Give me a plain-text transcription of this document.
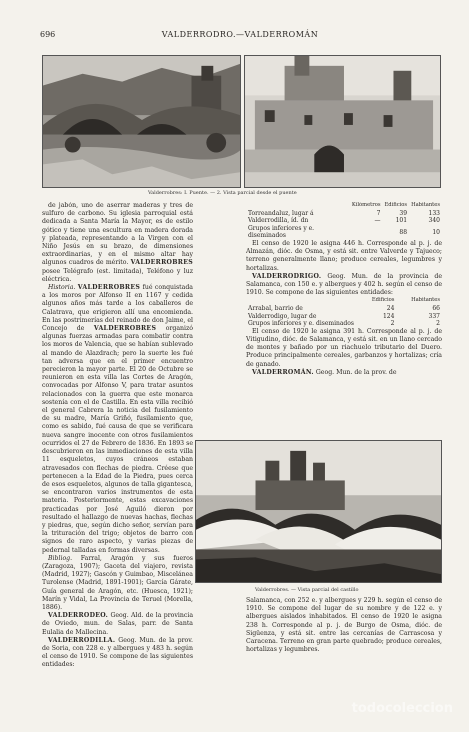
696	VALDERRODRO.—VALDERROMÁN
Valderrobres: I. Puente. — 2. Vista parcial desde el puente

de jabón, uno de aserrar maderas y tres de sulfuro de carbono. Su iglesia parroquial está dedicada a Santa María la Mayor, es de estilo gótico y tiene una escultura en madera dorada y plateada, representando a la Virgen con el Niño Jesús en su brazo, de dimensiones extraordinarias, y en el mismo altar hay algunos cuadros de mérito. VALDERROBRES posee Telégrafo (est. limitada), Teléfono y luz eléctrica.

Historia. VALDERROBRES fué conquistada a los moros por Alfonso II en 1167 y cedida algunos años más tarde a los caballeros de Calatrava, que erigieron allí una encomienda. En las postrimerías del reinado de don Jaime, el Concejo de VALDERROBRES organizó algunas fuerzas armadas para combatir contra los moros de Valencia, que se habían sublevado al mando de Alazdrach; pero la suerte les fué tan adversa que en el primer encuentro perecieron la mayor parte. El 20 de Octubre se reunieron en esta villa las Cortes de Aragón, convocadas por Alfonso V, para tratar asuntos relacionados con la guerra que este monarca sostenía con el de Castilla. En esta villa recibió el general Cabrera la noticia del fusilamiento de su madre, María Griñó, fusilamiento que, como es sabido, fué causa de que se verificara nueva sangre inocente con otros fusilamientos ocurridos el 27 de Febrero de 1836. En 1893 se descubrieron en las inmediaciones de esta villa 11 esqueletos, cuyos cráneos estaban atravesados con flechas de piedra. Créese que pertenecen a la Edad de la Piedra, pues cerca de esos esqueletos, algunos de talla gigantesca, se encontraron varios instrumentos de esta materia. Posteriormente, estas excavaciones practicadas por José Aguiló dieron por resultado el hallazgo de nuevas hachas, flechas y piedras, que, según dicho señor, servían para la trituración del trigo; objetos de barro con signos de raro aspecto, y varias piezas de pedernal talladas en formas diversas.

Bibliog. Farral, Aragón y sus fueros (Zaragoza, 1907); Gaceta del viajero, revista (Madrid, 1927); Gascón y Guimbao, Miscelánea Turolense (Madrid, 1891-1901); García Gárate, Guía general de Aragón, etc. (Huesca, 1921); Marín y Vidal, La Provincia de Teruel (Morella, 1886).

VALDERRODEO. Geog. Ald. de la provincia de Oviedo, mun. de Salas, parr. de Santa Eulalia de Mallecina.

VALDERRODILLA. Geog. Mun. de la prov. de Soria, con 228 e. y albergues y 483 h. según el censo de 1910. Se compone de las siguientes entidades:

	Kilómetros	Edificios	Habitantes
Torreandaluz, lugar á	7	39	133
Valderrodilla, íd. dn	—	101	340
Grupos inferiores y e. diseminados		88	10

El censo de 1920 le asigna 446 h. Corresponde al p. j. de Almazán, dióc. de Osma, y está sit. entre Valverde y Tajueco; terreno generalmente llano; produce cereales, legumbres y hortalizas.

VALDERRODRIGO. Geog. Mun. de la provincia de Salamanca, con 150 e. y albergues y 402 h. según el censo de 1910. Se compone de las siguientes entidades:

	Edificios	Habitantes
Arrabal, barrio de	24	66
Valderrodigo, lugar de	124	337
Grupos inferiores y e. diseminados	2	2

El censo de 1920 le asigna 391 h. Corresponde al p. j. de Vitigudino, dióc. de Salamanca, y está sit. en un llano cercado de montes y bañado por un riachuelo tributario del Duero. Produce principalmente cereales, garbanzos y hortalizas; cría de ganado.

VALDERROMÁN. Geog. Mun. de la prov. de

Valderrobres. — Vista parcial del castillo

Salamanca, con 252 e. y albergues y 229 h. según el censo de 1910. Se compone del lugar de su nombre y de 122 e. y albergues aislados inhabitados. El censo de 1920 le asigna 238 h. Corresponde al p. j. de Burgo de Osma, dióc. de Sigüenza, y está sit. entre las cercanías de Carrascosa y Caracena. Terreno en gran parte quebrado; produce cereales, hortalizas y legumbres.

todocoleccion
